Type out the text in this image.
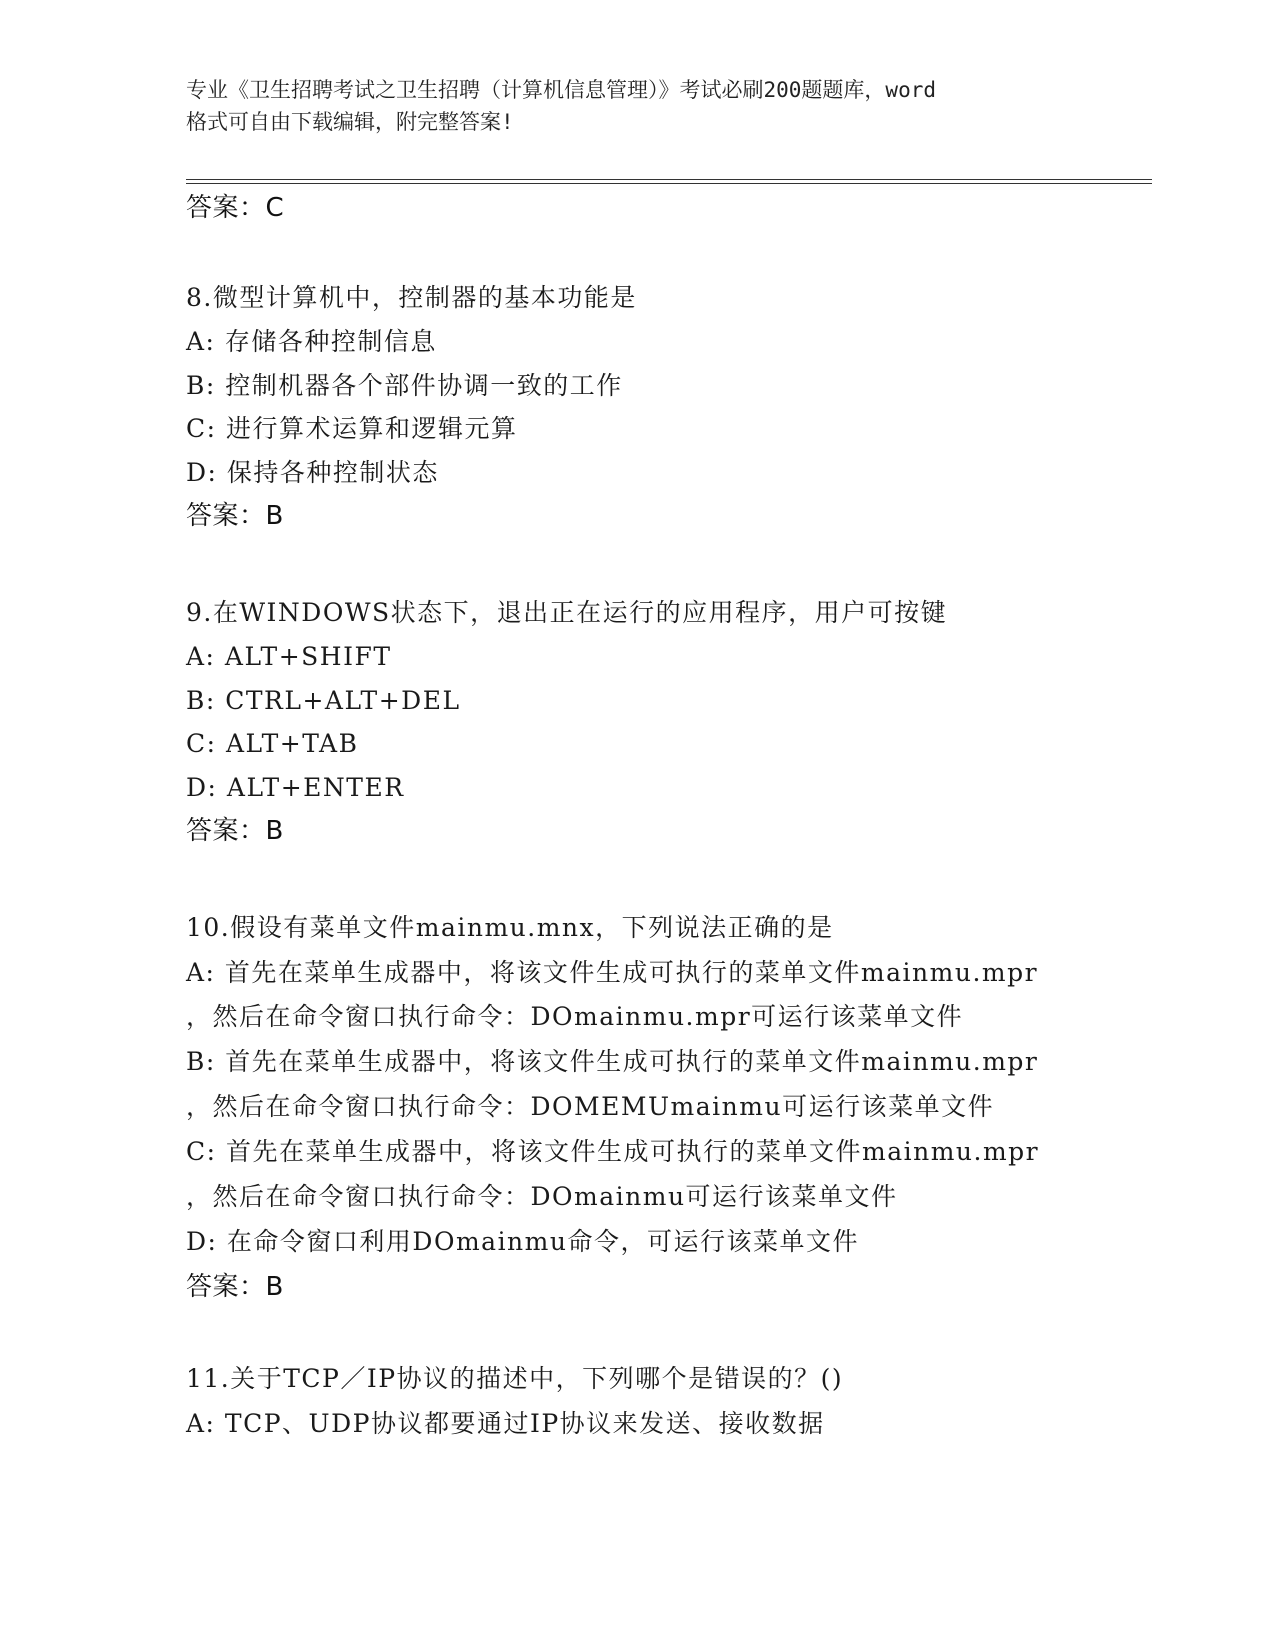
专业《卫生招聘考试之卫生招聘（计算机信息管理）》考试必刷200题题库，word
格式可自由下载编辑，附完整答案!
答案：C
8.微型计算机中，控制器的基本功能是
A: 存储各种控制信息
B: 控制机器各个部件协调一致的工作
C: 进行算术运算和逻辑元算
D: 保持各种控制状态
答案：B
9.在WINDOWS状态下，退出正在运行的应用程序，用户可按键
A: ALT+SHIFT
B: CTRL+ALT+DEL
C: ALT+TAB
D: ALT+ENTER
答案：B
10.假设有菜单文件mainmu.mnx，下列说法正确的是
A: 首先在菜单生成器中，将该文件生成可执行的菜单文件mainmu.mpr
，然后在命令窗口执行命令：DOmainmu.mpr可运行该菜单文件
B: 首先在菜单生成器中，将该文件生成可执行的菜单文件mainmu.mpr
，然后在命令窗口执行命令：DOMEMUmainmu可运行该菜单文件
C: 首先在菜单生成器中，将该文件生成可执行的菜单文件mainmu.mpr
，然后在命令窗口执行命令：DOmainmu可运行该菜单文件
D: 在命令窗口利用DOmainmu命令，可运行该菜单文件
答案：B
11.关于TCP／IP协议的描述中，下列哪个是错误的？()
A: TCP、UDP协议都要通过IP协议来发送、接收数据
